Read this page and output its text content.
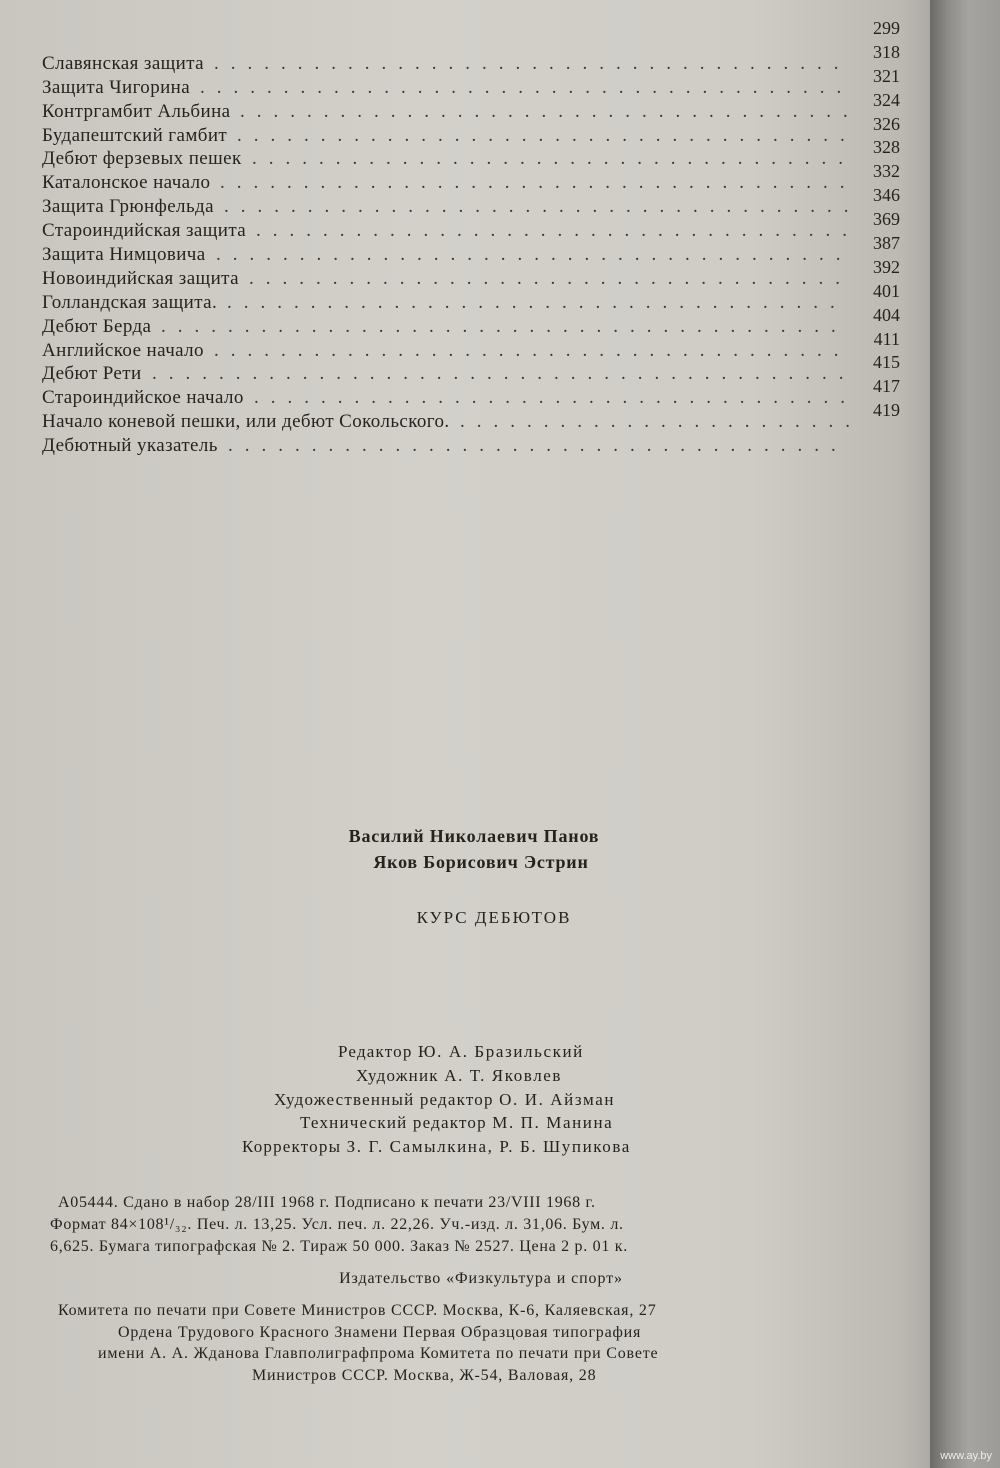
299
Славянская защита ......................................
318
Защита Чигорина .......................................
321
Контргамбит Альбина .....................................
324
Будапештский гамбит .....................................
326
Дебют ферзевых пешек ....................................
328
Каталонское начало ......................................
332
Защита Грюнфельда ......................................
346
Староиндийская защита ....................................
369
Защита Нимцовича ......................................
387
Новоиндийская защита ....................................
392
Голландская защита. .....................................
401
Дебют Берда .........................................
404
Английское начало ......................................
411
Дебют Рети ..........................................
415
Староиндийское начало ....................................
417
Начало коневой пешки, или дебют Сокольского. ........................
419
Дебютный указатель .....................................
Василий Николаевич Панов
Яков Борисович Эстрин
КУРС ДЕБЮТОВ
Редактор Ю. А. Бразильский
Художник А. Т. Яковлев
Художественный редактор О. И. Айзман
Технический редактор М. П. Манина
Корректоры З. Г. Самылкина, Р. Б. Шупикова
А05444. Сдано в набор 28/III 1968 г. Подписано к печати 23/VIII 1968 г.
Формат 84×108¹/₃₂. Печ. л. 13,25. Усл. печ. л. 22,26. Уч.-изд. л. 31,06. Бум. л.
6,625. Бумага типографская № 2. Тираж 50 000. Заказ № 2527. Цена 2 р. 01 к.
Издательство «Физкультура и спорт»
Комитета по печати при Совете Министров СССР. Москва, К-6, Каляевская, 27
Ордена Трудового Красного Знамени Первая Образцовая типография
имени А. А. Жданова Главполиграфпрома Комитета по печати при Совете
Министров СССР. Москва, Ж-54, Валовая, 28
www.ay.by
